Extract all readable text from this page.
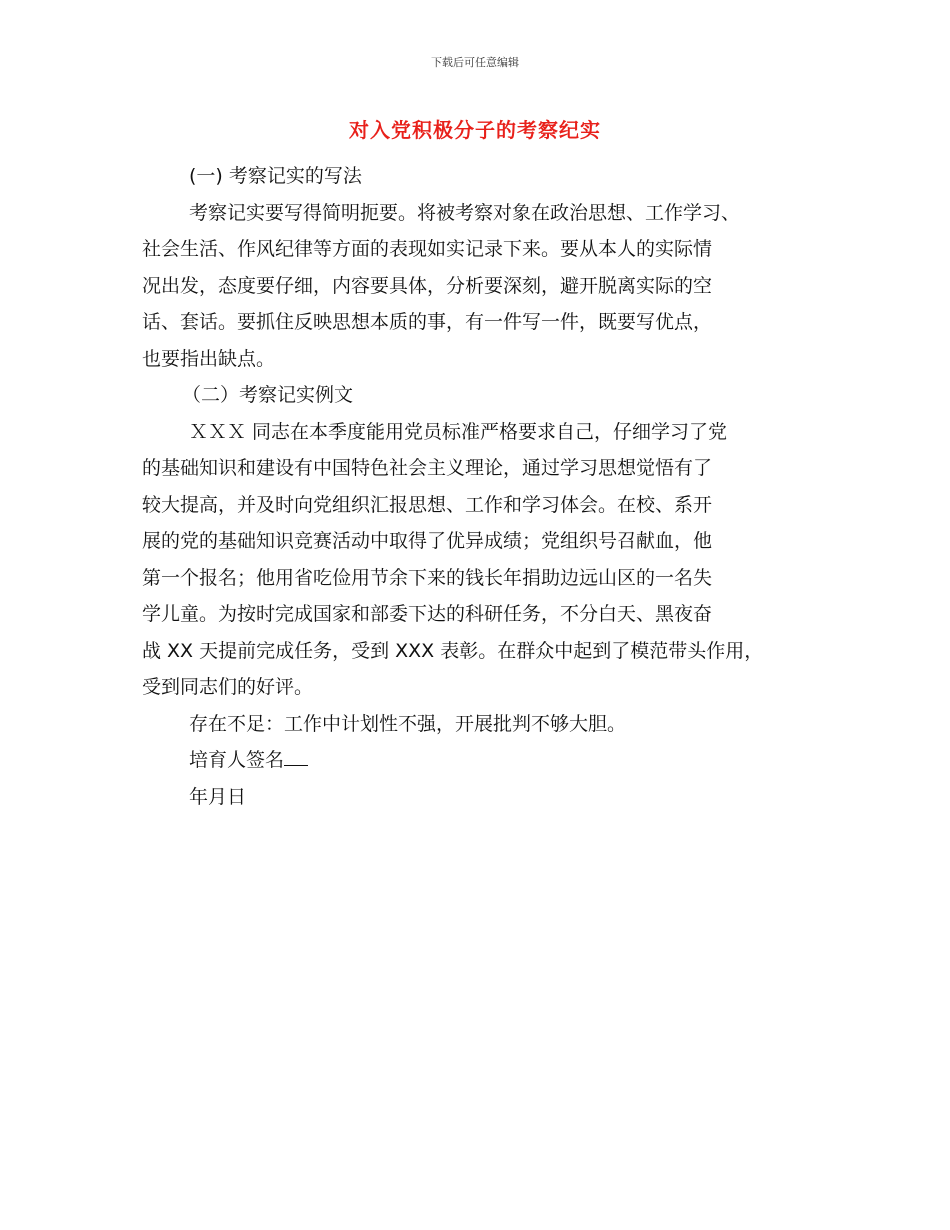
下载后可任意编辑
对入党积极分子的考察纪实
(一) 考察记实的写法
考察记实要写得简明扼要。将被考察对象在政治思想、工作学习、
社会生活、作风纪律等方面的表现如实记录下来。要从本人的实际情
况出发，态度要仔细，内容要具体，分析要深刻，避开脱离实际的空
话、套话。要抓住反映思想本质的事，有一件写一件，既要写优点，
也要指出缺点。
（二）考察记实例文
ＸＸＸ 同志在本季度能用党员标准严格要求自己，仔细学习了党
的基础知识和建设有中国特色社会主义理论，通过学习思想觉悟有了
较大提高，并及时向党组织汇报思想、工作和学习体会。在校、系开
展的党的基础知识竞赛活动中取得了优异成绩；党组织号召献血，他
第一个报名；他用省吃俭用节余下来的钱长年捐助边远山区的一名失
学儿童。为按时完成国家和部委下达的科研任务，不分白天、黑夜奋
战 XX 天提前完成任务，受到 XXX 表彰。在群众中起到了模范带头作用，
受到同志们的好评。
存在不足：工作中计划性不强，开展批判不够大胆。
培育人签名
年月日
